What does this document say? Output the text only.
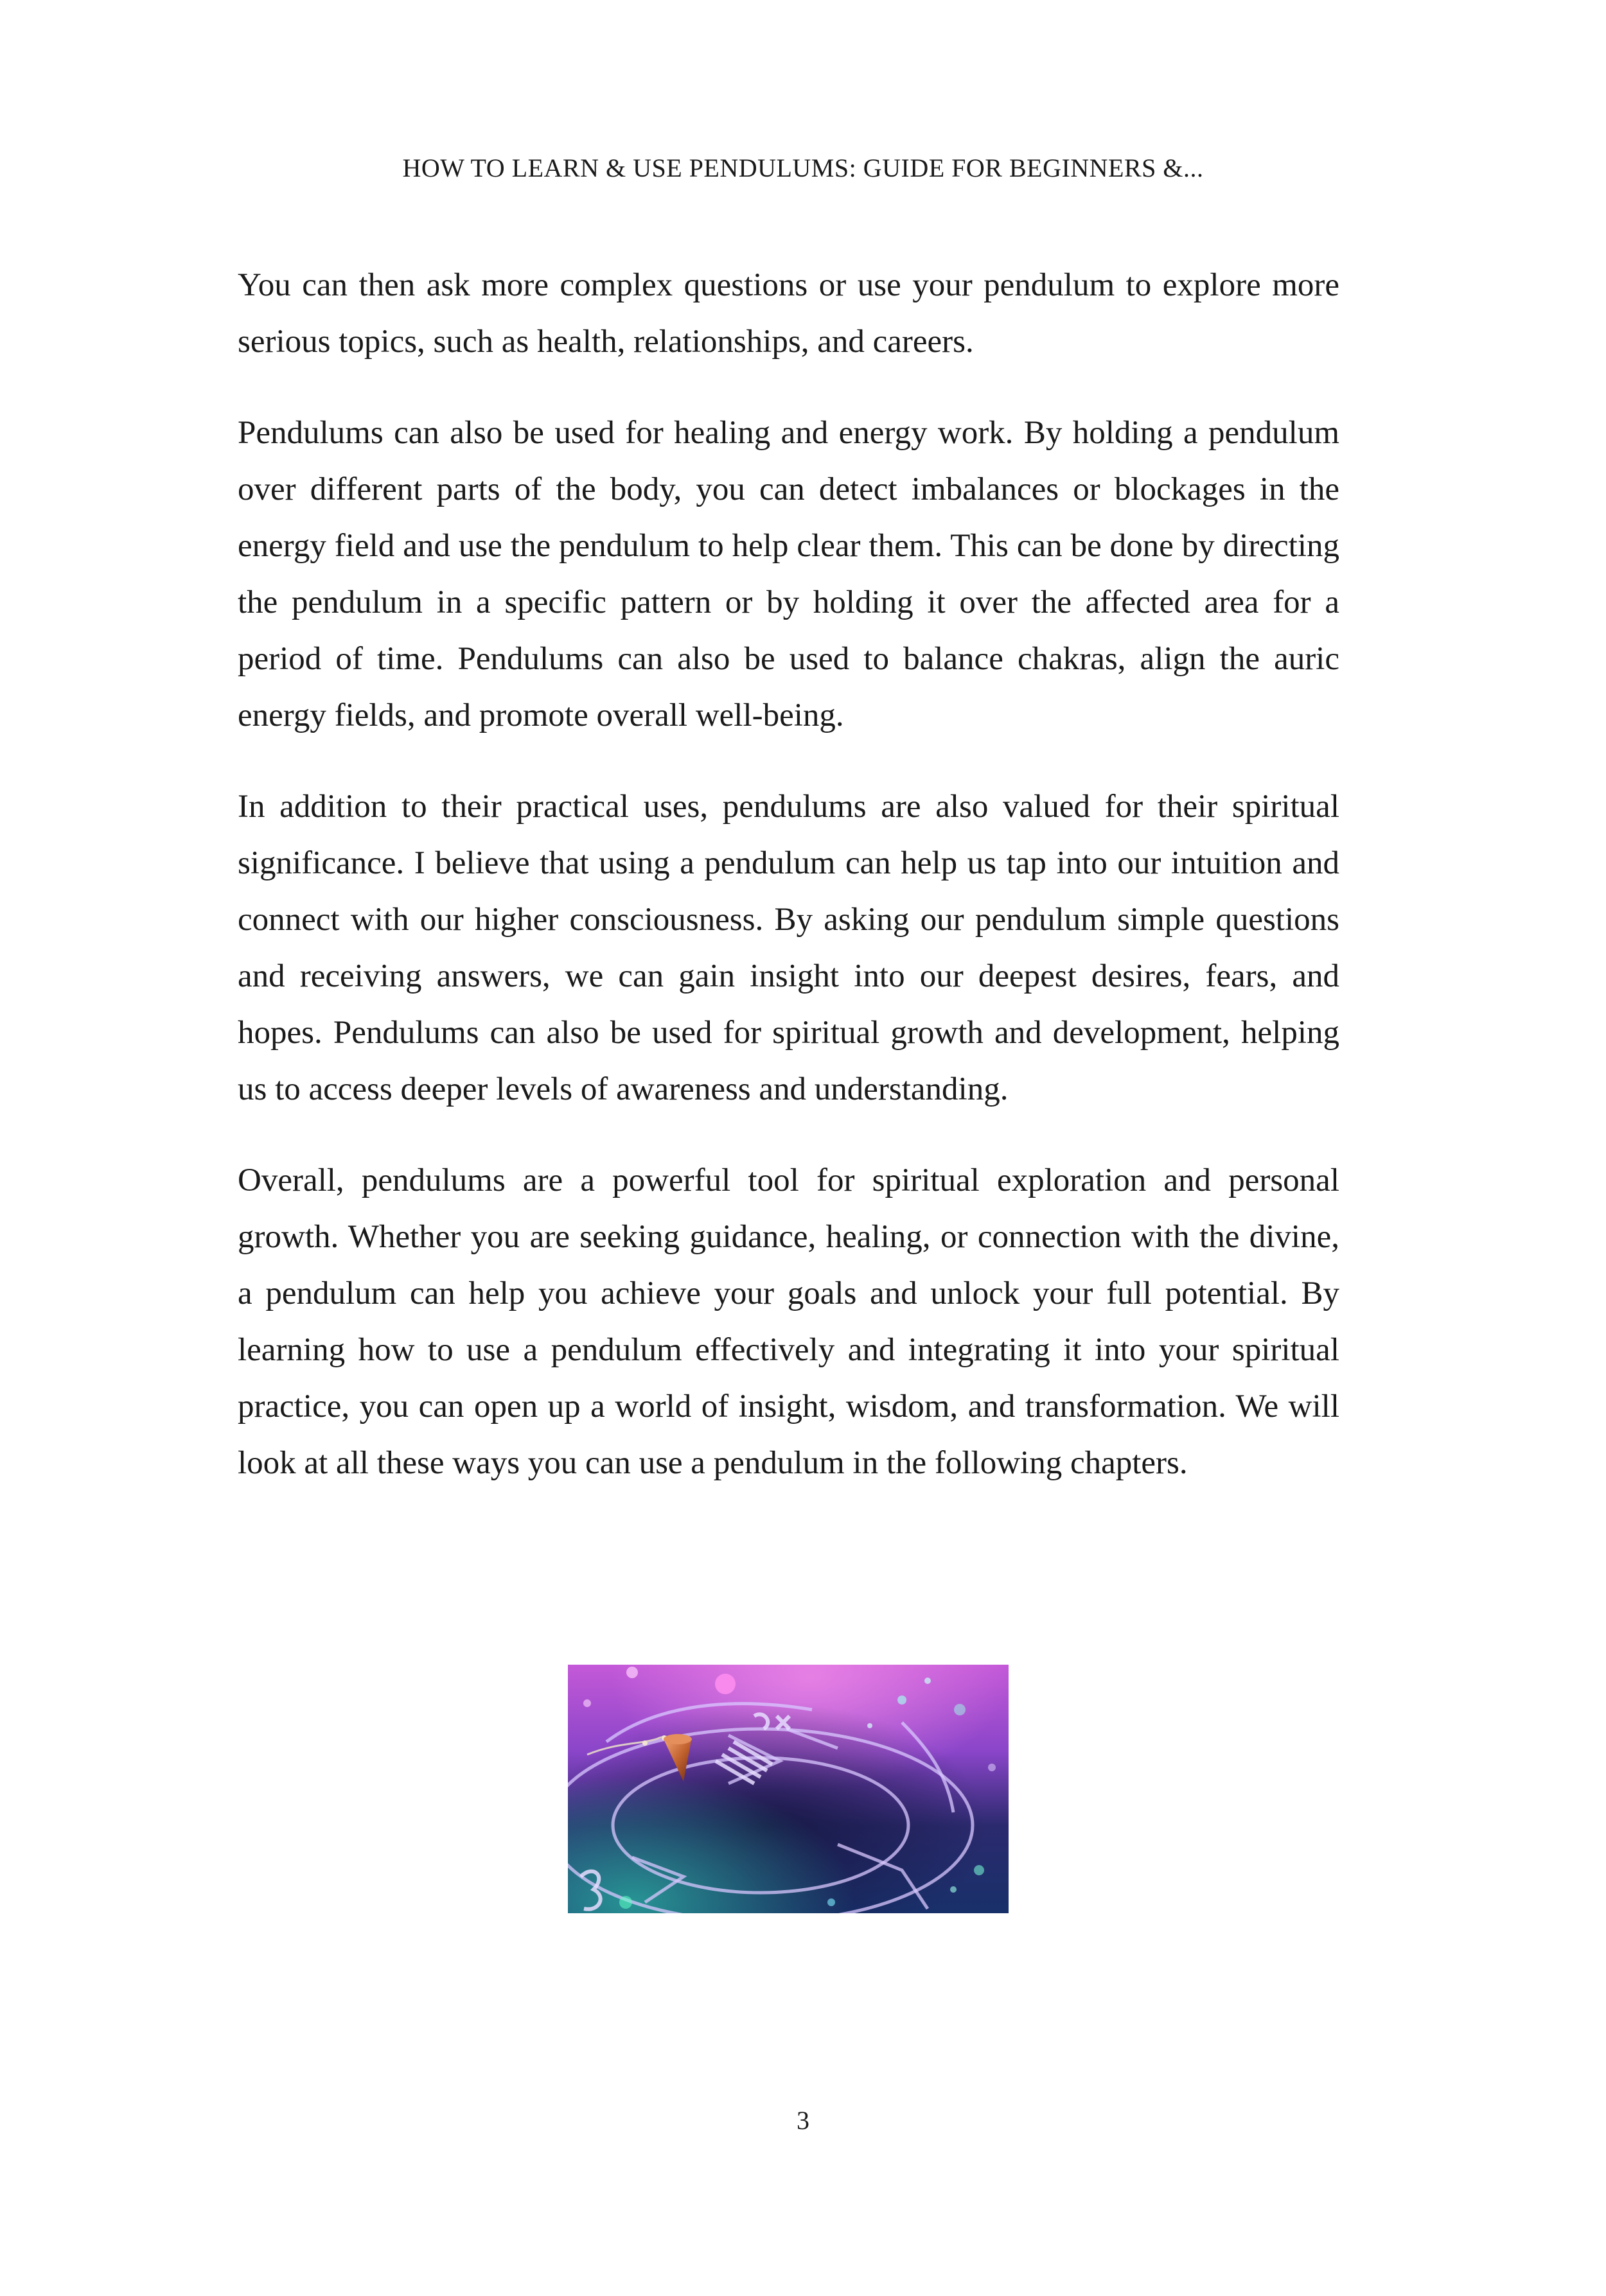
HOW TO LEARN & USE PENDULUMS: GUIDE FOR BEGINNERS &...

You can then ask more complex questions or use your pendulum to explore more serious topics, such as health, relationships, and careers.

Pendulums can also be used for healing and energy work. By holding a pendulum over different parts of the body, you can detect imbalances or blockages in the energy field and use the pendulum to help clear them. This can be done by directing the pendulum in a specific pattern or by holding it over the affected area for a period of time. Pendulums can also be used to balance chakras, align the auric energy fields, and promote overall well-being.

In addition to their practical uses, pendulums are also valued for their spiritual significance. I believe that using a pendulum can help us tap into our intuition and connect with our higher consciousness. By asking our pendulum simple questions and receiving answers, we can gain insight into our deepest desires, fears, and hopes. Pendulums can also be used for spiritual growth and development, helping us to access deeper levels of awareness and understanding.

Overall, pendulums are a powerful tool for spiritual exploration and personal growth. Whether you are seeking guidance, healing, or connection with the divine, a pendulum can help you achieve your goals and unlock your full potential. By learning how to use a pendulum effectively and integrating it into your spiritual practice, you can open up a world of insight, wisdom, and transformation. We will look at all these ways you can use a pendulum in the following chapters.

3
